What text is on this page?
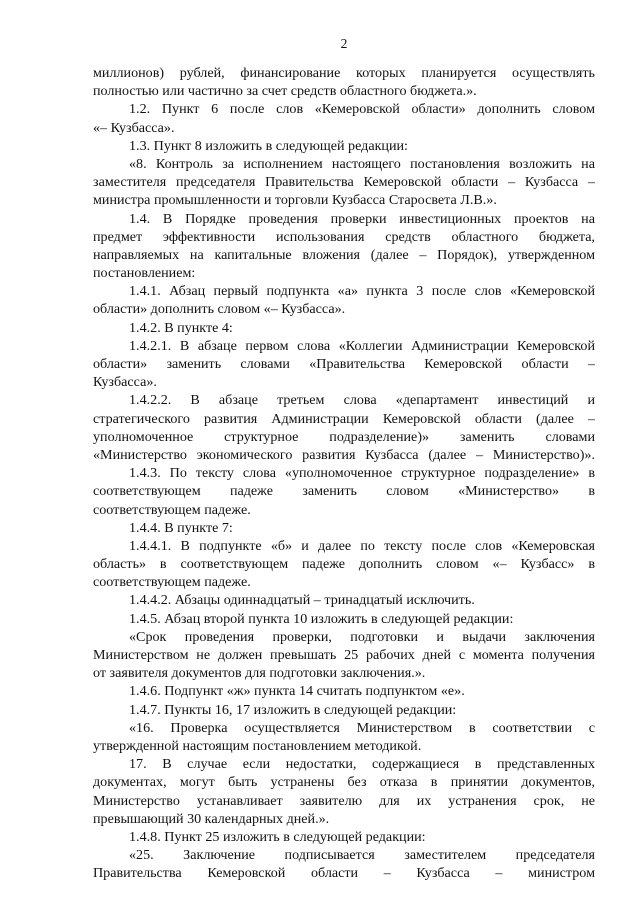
2
миллионов) рублей, финансирование которых планируется осуществлять
полностью или частично за счет средств областного бюджета.».
1.2. Пункт 6 после слов «Кемеровской области» дополнить словом
«– Кузбасса».
1.3. Пункт 8 изложить в следующей редакции:
«8. Контроль за исполнением настоящего постановления возложить на
заместителя председателя Правительства Кемеровской области – Кузбасса –
министра промышленности и торговли Кузбасса Старосвета Л.В.».
1.4. В Порядке проведения проверки инвестиционных проектов на
предмет эффективности использования средств областного бюджета,
направляемых на капитальные вложения (далее – Порядок), утвержденном
постановлением:
1.4.1. Абзац первый подпункта «а» пункта 3 после слов «Кемеровской
области» дополнить словом «– Кузбасса».
1.4.2. В пункте 4:
1.4.2.1. В абзаце первом слова «Коллегии Администрации Кемеровской
области» заменить словами «Правительства Кемеровской области –
Кузбасса».
1.4.2.2. В абзаце третьем слова «департамент инвестиций и
стратегического развития Администрации Кемеровской области (далее –
уполномоченное структурное подразделение)» заменить словами
«Министерство экономического развития Кузбасса (далее – Министерство)».
1.4.3. По тексту слова «уполномоченное структурное подразделение» в
соответствующем падеже заменить словом «Министерство» в
соответствующем падеже.
1.4.4. В пункте 7:
1.4.4.1. В подпункте «б» и далее по тексту после слов «Кемеровская
область» в соответствующем падеже дополнить словом «– Кузбасс» в
соответствующем падеже.
1.4.4.2. Абзацы одиннадцатый – тринадцатый исключить.
1.4.5. Абзац второй пункта 10 изложить в следующей редакции:
«Срок проведения проверки, подготовки и выдачи заключения
Министерством не должен превышать 25 рабочих дней с момента получения
от заявителя документов для подготовки заключения.».
1.4.6. Подпункт «ж» пункта 14 считать подпунктом «е».
1.4.7. Пункты 16, 17 изложить в следующей редакции:
«16. Проверка осуществляется Министерством в соответствии с
утвержденной настоящим постановлением методикой.
17. В случае если недостатки, содержащиеся в представленных
документах, могут быть устранены без отказа в принятии документов,
Министерство устанавливает заявителю для их устранения срок, не
превышающий 30 календарных дней.».
1.4.8. Пункт 25 изложить в следующей редакции:
«25. Заключение подписывается заместителем председателя
Правительства Кемеровской области – Кузбасса – министром
